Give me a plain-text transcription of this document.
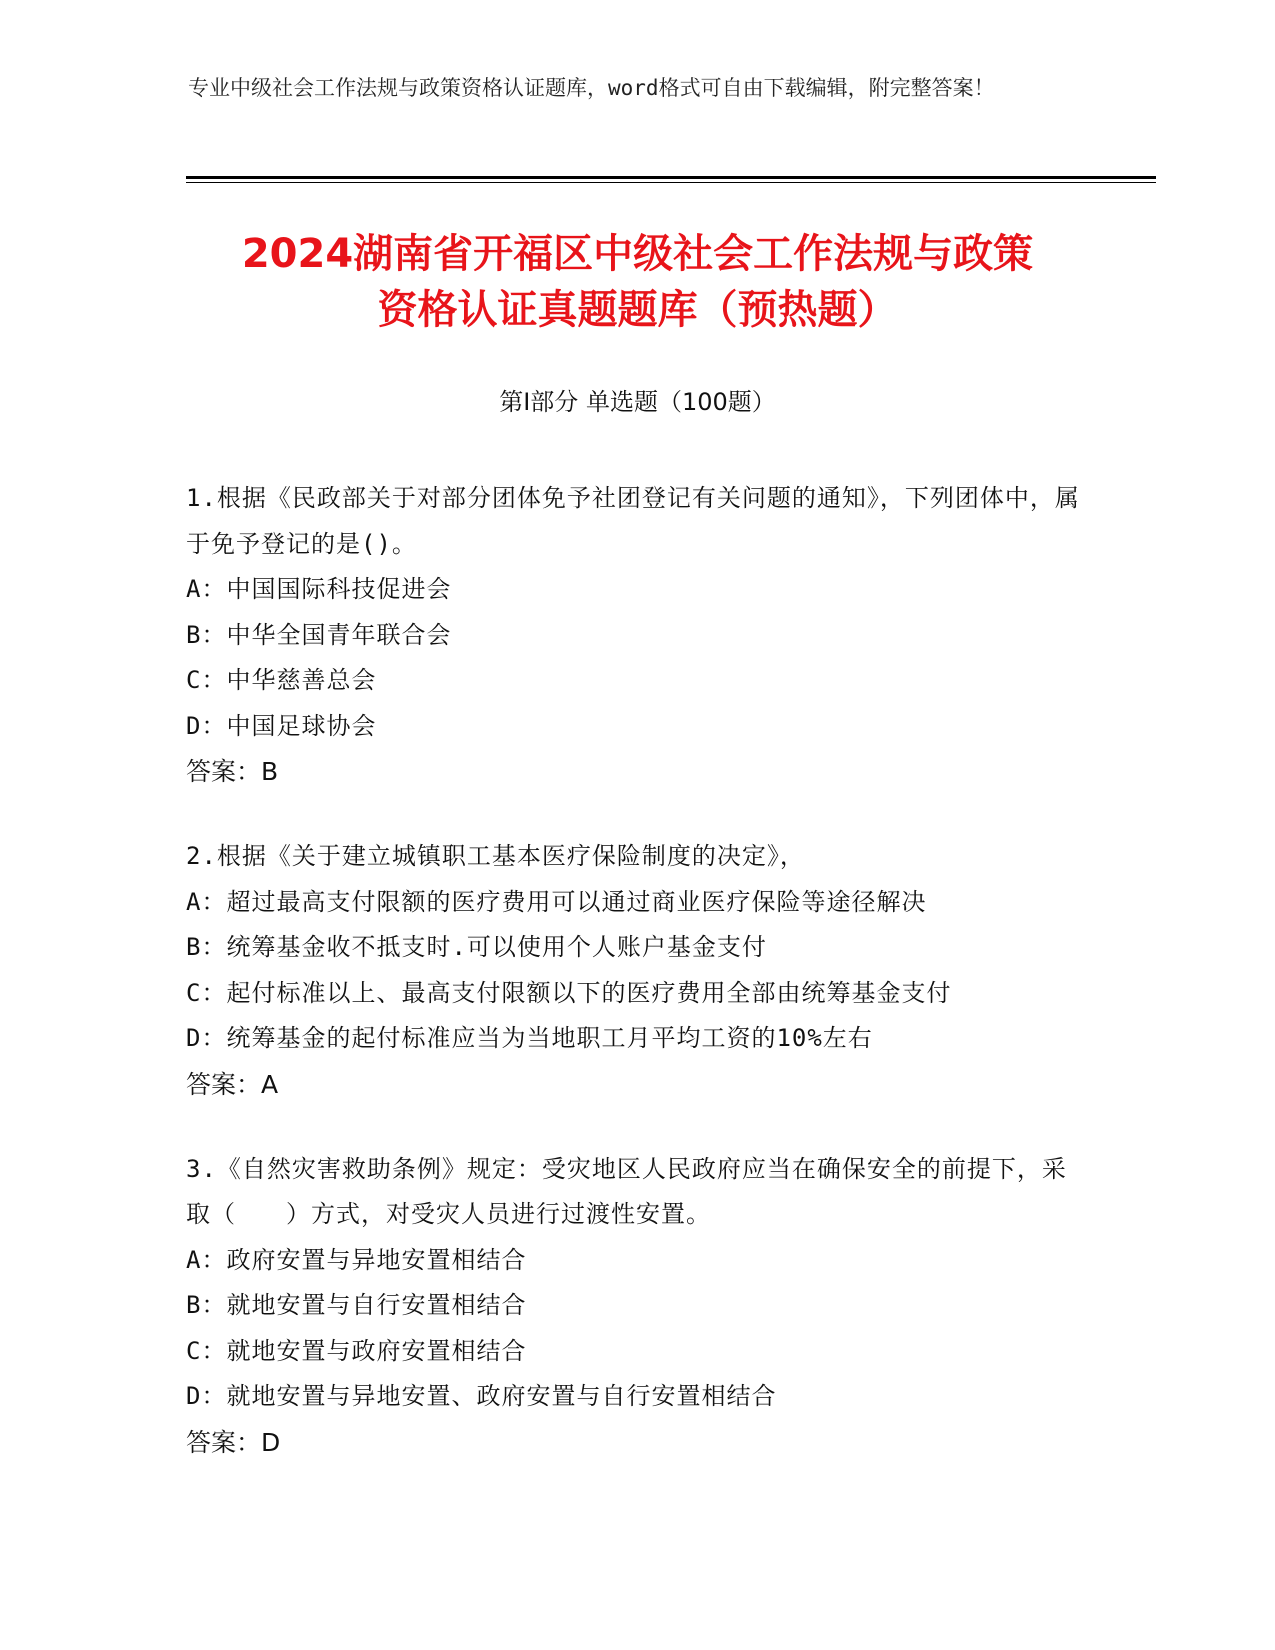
专业中级社会工作法规与政策资格认证题库，word格式可自由下载编辑，附完整答案！
2024湖南省开福区中级社会工作法规与政策
资格认证真题题库（预热题）
第Ⅰ部分 单选题（100题）
1.根据《民政部关于对部分团体免予社团登记有关问题的通知》，下列团体中，属于免予登记的是()。
A：中国国际科技促进会
B：中华全国青年联合会
C：中华慈善总会
D：中国足球协会
答案：B
2.根据《关于建立城镇职工基本医疗保险制度的决定》，
A：超过最高支付限额的医疗费用可以通过商业医疗保险等途径解决
B：统筹基金收不抵支时.可以使用个人账户基金支付
C：起付标准以上、最高支付限额以下的医疗费用全部由统筹基金支付
D：统筹基金的起付标准应当为当地职工月平均工资的10%左右
答案：A
3.《自然灾害救助条例》规定：受灾地区人民政府应当在确保安全的前提下，采取（　　）方式，对受灾人员进行过渡性安置。
A：政府安置与异地安置相结合
B：就地安置与自行安置相结合
C：就地安置与政府安置相结合
D：就地安置与异地安置、政府安置与自行安置相结合
答案：D
